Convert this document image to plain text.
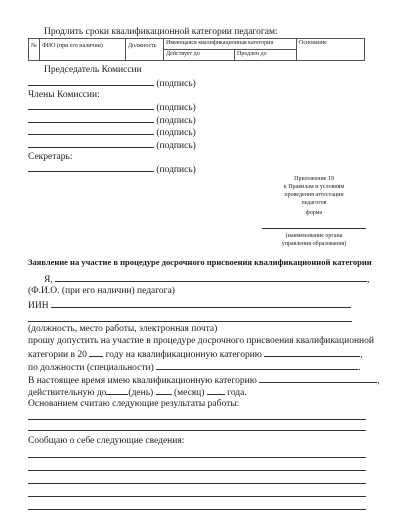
Продлить сроки квалификационной категории педагогам:
№	ФИО (при его наличии)	Должность	Имеющаяся квалификационная категория		Основание
			Действует до	Продлен до	
Председатель Комиссии
(подпись)
Члены Комиссии:
(подпись)
(подпись)
(подпись)
(подпись)
Секретарь:
(подпись)
Приложение 19
к Правилам и условиям
проведения аттестации
педагогов
форма
(наименование органа
управления образования)
Заявление на участие в процедуре досрочного присвоения квалификационной категории
Я,	,
(Ф.И.О. (при его наличии) педагога)
ИИН
(должность, место работы, электронная почта)
прошу допустить на участие в процедуре досрочного присвоения квалификационной
категории в 20 году на квалификационную категорию	,
по должности (специальности)	.
В настоящее время имею квалификационную категорию	,
действительную до (день) (месяц) года.
Основанием считаю следующие результаты работы:
Сообщаю о себе следующие сведения:
